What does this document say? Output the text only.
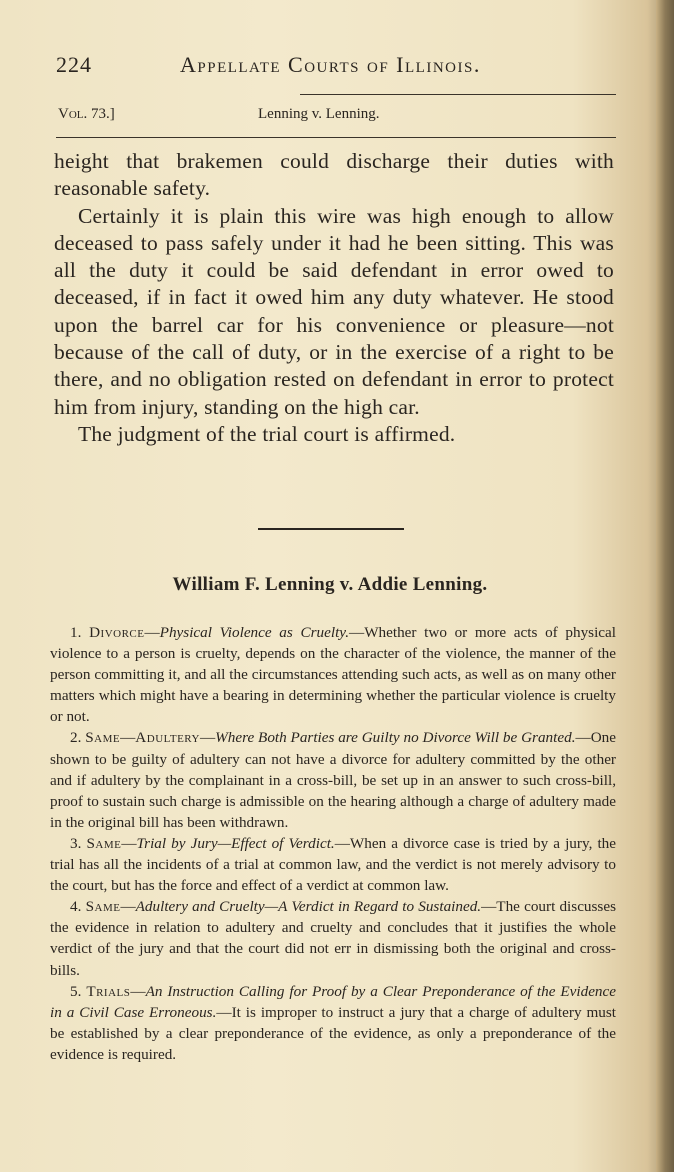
224	Appellate Courts of Illinois.
Vol. 73.]	Lenning v. Lenning.

height that brakemen could discharge their duties with reasonable safety.

Certainly it is plain this wire was high enough to allow deceased to pass safely under it had he been sitting. This was all the duty it could be said defendant in error owed to deceased, if in fact it owed him any duty whatever. He stood upon the barrel car for his convenience or pleasure—not because of the call of duty, or in the exercise of a right to be there, and no obligation rested on defendant in error to protect him from injury, standing on the high car.

The judgment of the trial court is affirmed.

William F. Lenning v. Addie Lenning.

1. Divorce—Physical Violence as Cruelty.—Whether two or more acts of physical violence to a person is cruelty, depends on the character of the violence, the manner of the person committing it, and all the circumstances attending such acts, as well as on many other matters which might have a bearing in determining whether the particular violence is cruelty or not.

2. Same—Adultery—Where Both Parties are Guilty no Divorce Will be Granted.—One shown to be guilty of adultery can not have a divorce for adultery committed by the other and if adultery by the complainant in a cross-bill, be set up in an answer to such cross-bill, proof to sustain such charge is admissible on the hearing although a charge of adultery made in the original bill has been withdrawn.

3. Same—Trial by Jury—Effect of Verdict.—When a divorce case is tried by a jury, the trial has all the incidents of a trial at common law, and the verdict is not merely advisory to the court, but has the force and effect of a verdict at common law.

4. Same—Adultery and Cruelty—A Verdict in Regard to Sustained.—The court discusses the evidence in relation to adultery and cruelty and concludes that it justifies the whole verdict of the jury and that the court did not err in dismissing both the original and cross-bills.

5. Trials—An Instruction Calling for Proof by a Clear Preponderance of the Evidence in a Civil Case Erroneous.—It is improper to instruct a jury that a charge of adultery must be established by a clear preponderance of the evidence, as only a preponderance of the evidence is required.
